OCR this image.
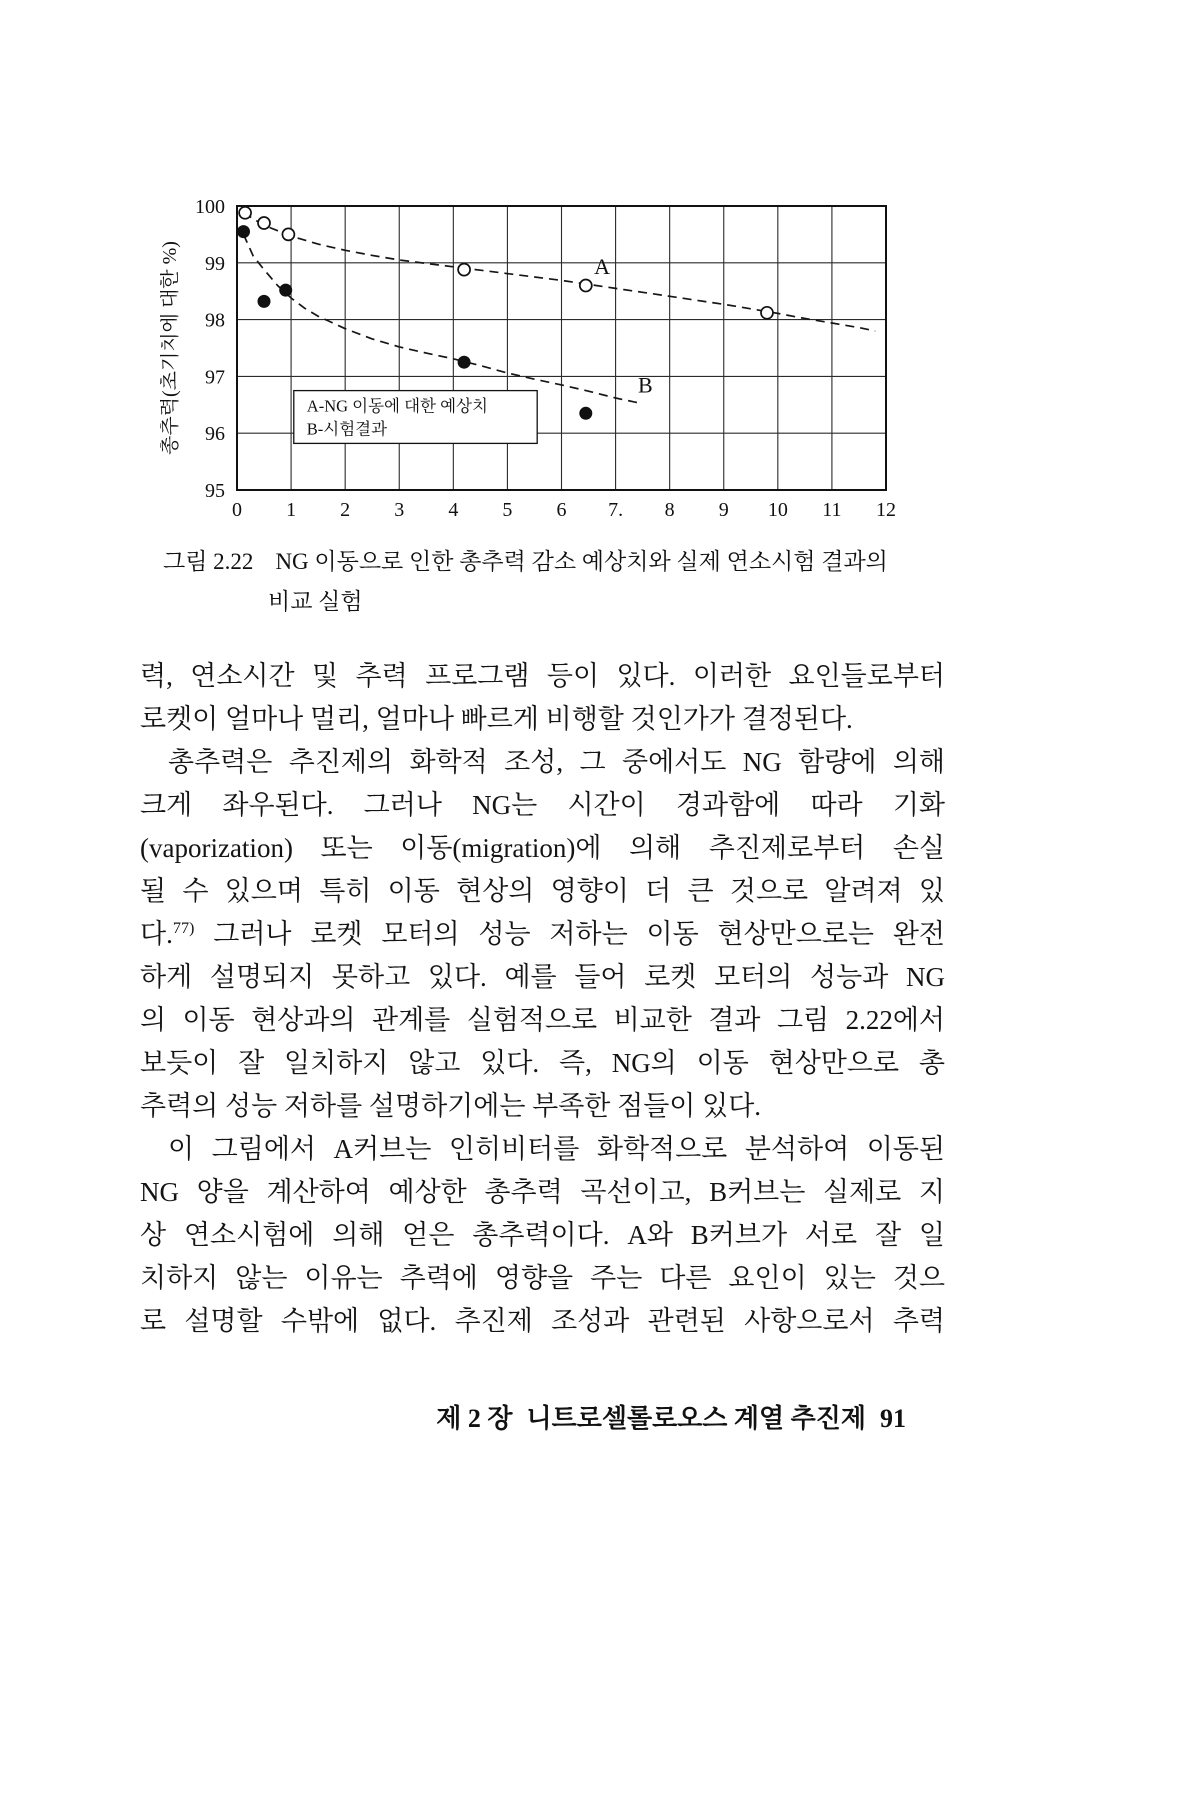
0 1 2 3 4 5 6 7. 8 9 10 11 12
95
96
97
98
99
100
총추력(초기치에 대한 %)	A-NG 이동에 대한 예상치
B-시험결과
A
B
그림 2.22 NG 이동으로 인한 총추력 감소 예상치와 실제 연소시험 결과의
비교 실험
력, 연소시간 및 추력 프로그램 등이 있다. 이러한 요인들로부터
로켓이 얼마나 멀리, 얼마나 빠르게 비행할 것인가가 결정된다.
총추력은 추진제의 화학적 조성, 그 중에서도 NG 함량에 의해
크게 좌우된다. 그러나 NG는 시간이 경과함에 따라 기화
(vaporization) 또는 이동(migration)에 의해 추진제로부터 손실
될 수 있으며 특히 이동 현상의 영향이 더 큰 것으로 알려져 있
다.$^{77)}$ 그러나 로켓 모터의 성능 저하는 이동 현상만으로는 완전
하게 설명되지 못하고 있다. 예를 들어 로켓 모터의 성능과 NG
의 이동 현상과의 관계를 실험적으로 비교한 결과 그림 2.22에서
보듯이 잘 일치하지 않고 있다. 즉, NG의 이동 현상만으로 총
추력의 성능 저하를 설명하기에는 부족한 점들이 있다.
이 그림에서 A커브는 인히비터를 화학적으로 분석하여 이동된
NG 양을 계산하여 예상한 총추력 곡선이고, B커브는 실제로 지
상 연소시험에 의해 얻은 총추력이다. A와 B커브가 서로 잘 일
치하지 않는 이유는 추력에 영향을 주는 다른 요인이 있는 것으
로 설명할 수밖에 없다. 추진제 조성과 관련된 사항으로서 추력
제 2 장 니트로셀롤로오스 계열 추진제 91
